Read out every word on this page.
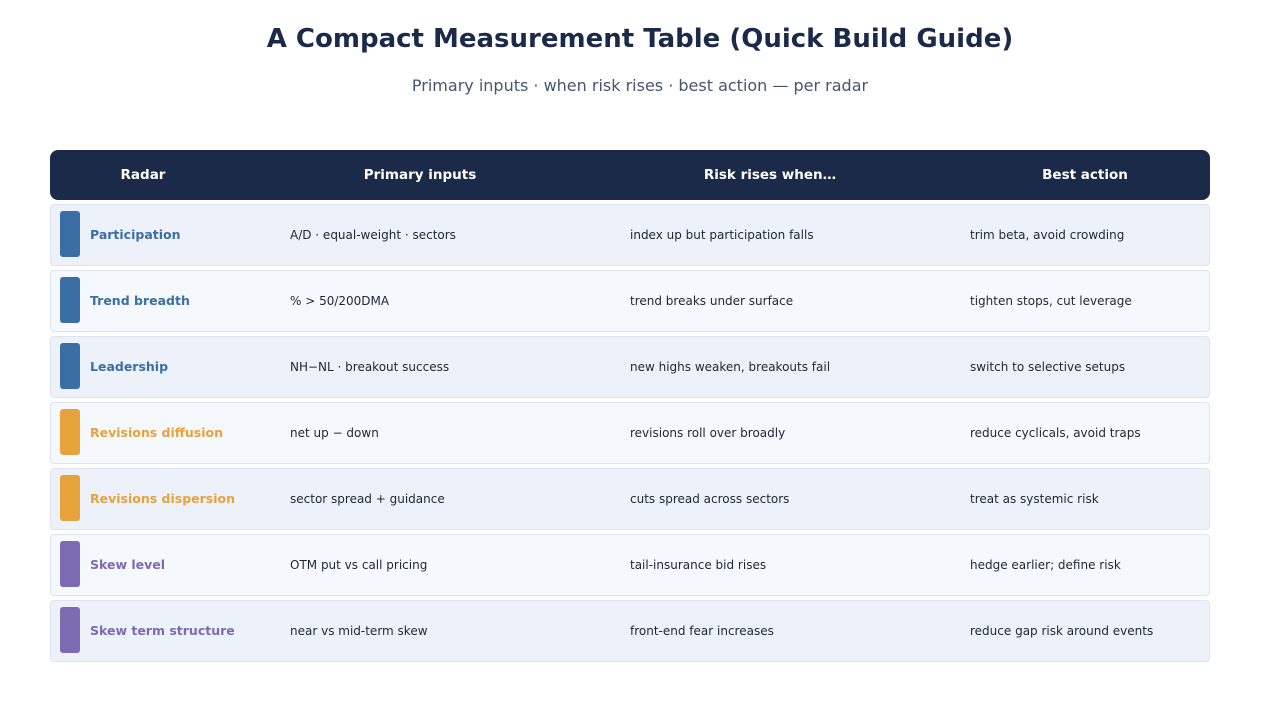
A Compact Measurement Table (Quick Build Guide)
Primary inputs · when risk rises · best action — per radar
Radar	Primary inputs	Risk rises when…	Best action
Participation	A/D · equal-weight · sectors	index up but participation falls	trim beta, avoid crowding
Trend breadth	% > 50/200DMA	trend breaks under surface	tighten stops, cut leverage
Leadership	NH−NL · breakout success	new highs weaken, breakouts fail	switch to selective setups
Revisions diffusion	net up − down	revisions roll over broadly	reduce cyclicals, avoid traps
Revisions dispersion	sector spread + guidance	cuts spread across sectors	treat as systemic risk
Skew level	OTM put vs call pricing	tail-insurance bid rises	hedge earlier; define risk
Skew term structure	near vs mid-term skew	front-end fear increases	reduce gap risk around events
